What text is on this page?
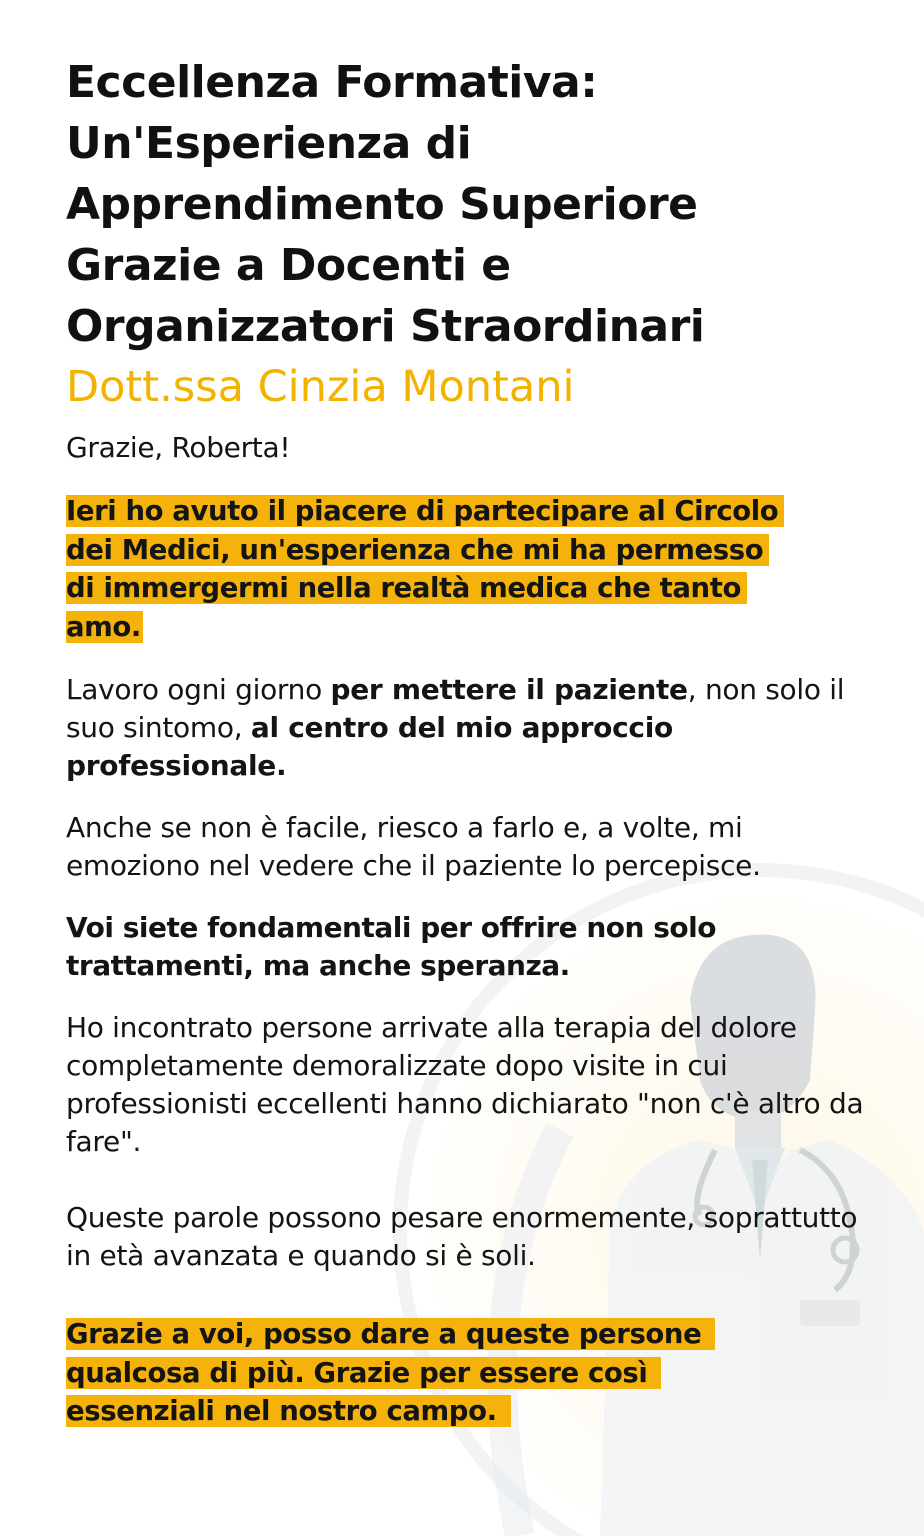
Eccellenza Formativa:
Un'Esperienza di
Apprendimento Superiore
Grazie a Docenti e
Organizzatori Straordinari
Dott.ssa Cinzia Montani

Grazie, Roberta!

Ieri ho avuto il piacere di partecipare al Circolo
dei Medici, un'esperienza che mi ha permesso
di immergermi nella realtà medica che tanto
amo.

Lavoro ogni giorno per mettere il paziente, non solo il suo sintomo, al centro del mio approccio professionale.

Anche se non è facile, riesco a farlo e, a volte, mi emoziono nel vedere che il paziente lo percepisce.

Voi siete fondamentali per offrire non solo trattamenti, ma anche speranza.

Ho incontrato persone arrivate alla terapia del dolore completamente demoralizzate dopo visite in cui professionisti eccellenti hanno dichiarato "non c'è altro da fare".

Queste parole possono pesare enormemente, soprattutto in età avanzata e quando si è soli.

Grazie a voi, posso dare a queste persone
qualcosa di più. Grazie per essere così
essenziali nel nostro campo.
